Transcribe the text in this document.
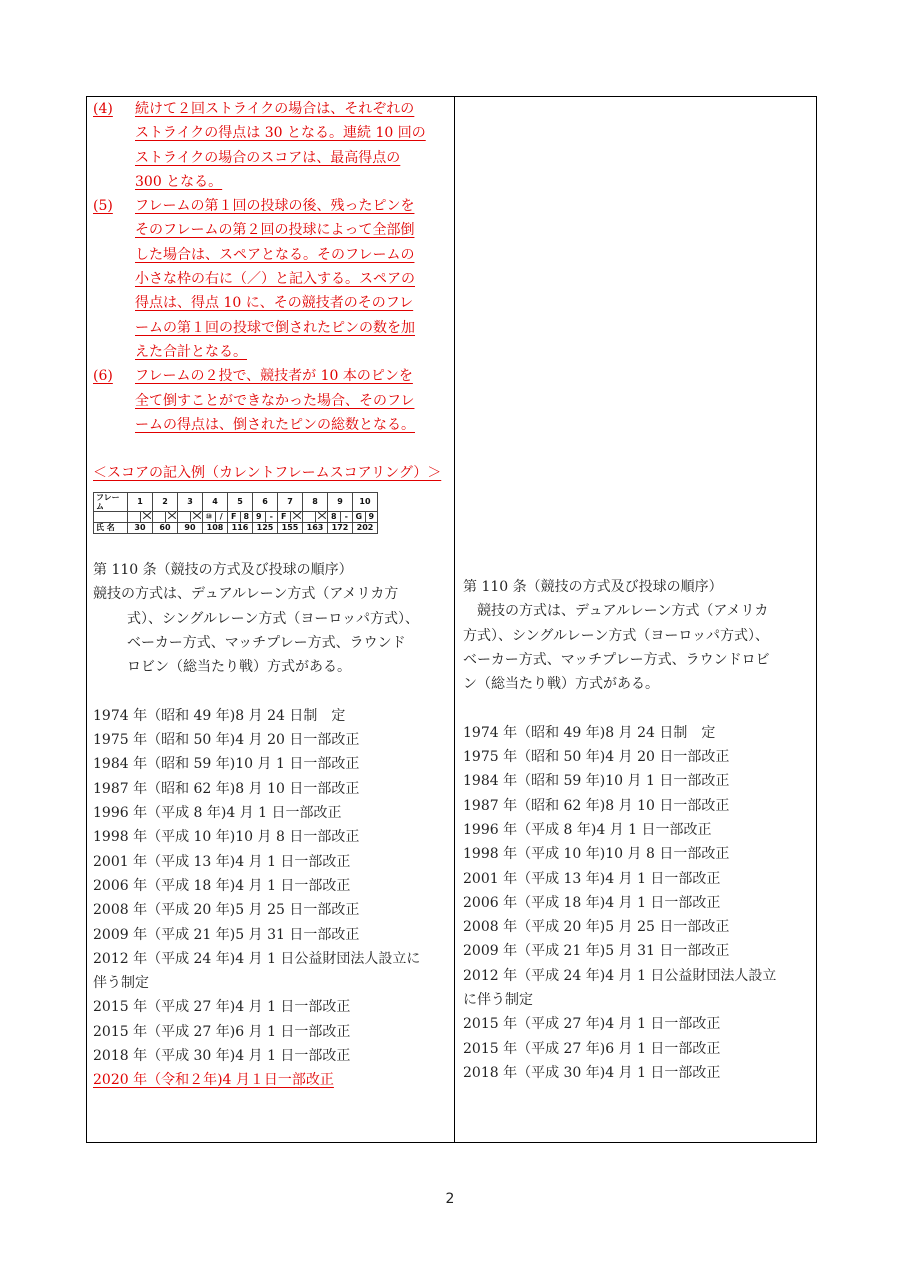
(4) 続けて２回ストライクの場合は、それぞれの
ストライクの得点は 30 となる。連続 10 回の
ストライクの場合のスコアは、最高得点の
300 となる。
(5) フレームの第１回の投球の後、残ったピンを
そのフレームの第２回の投球によって全部倒
した場合は、スペアとなる。そのフレームの
小さな枠の右に（／）と記入する。スペアの
得点は、得点 10 に、その競技者のそのフレ
ームの第１回の投球で倒されたピンの数を加
えた合計となる。
(6) フレームの２投で、競技者が 10 本のピンを
全て倒すことができなかった場合、そのフレ
ームの得点は、倒されたピンの総数となる。
＜スコアの記入例（カレントフレームスコアリング）＞
フレーム	1		2		3		4		5		6		7		8		9		10	
							⑩	/	F	8	9	-	F				8	-	G	9
氏 名	30		60		90		108		116		125		155		163		172		202	
第 110 条（競技の方式及び投球の順序）
競技の方式は、デュアルレーン方式（アメリカ方
式）、シングルレーン方式（ヨーロッパ方式）、
ベーカー方式、マッチプレー方式、ラウンド
ロビン（総当たり戦）方式がある。
1974 年（昭和 49 年)8 月 24 日制　定
1975 年（昭和 50 年)4 月 20 日一部改正
1984 年（昭和 59 年)10 月 1 日一部改正
1987 年（昭和 62 年)8 月 10 日一部改正
1996 年（平成 8 年)4 月 1 日一部改正
1998 年（平成 10 年)10 月 8 日一部改正
2001 年（平成 13 年)4 月 1 日一部改正
2006 年（平成 18 年)4 月 1 日一部改正
2008 年（平成 20 年)5 月 25 日一部改正
2009 年（平成 21 年)5 月 31 日一部改正
2012 年（平成 24 年)4 月 1 日公益財団法人設立に
伴う制定
2015 年（平成 27 年)4 月 1 日一部改正
2015 年（平成 27 年)6 月 1 日一部改正
2018 年（平成 30 年)4 月 1 日一部改正
2020 年（令和２年)4 月１日一部改正
第 110 条（競技の方式及び投球の順序）
競技の方式は、デュアルレーン方式（アメリカ
方式）、シングルレーン方式（ヨーロッパ方式）、
ベーカー方式、マッチプレー方式、ラウンドロビ
ン（総当たり戦）方式がある。
1974 年（昭和 49 年)8 月 24 日制　定
1975 年（昭和 50 年)4 月 20 日一部改正
1984 年（昭和 59 年)10 月 1 日一部改正
1987 年（昭和 62 年)8 月 10 日一部改正
1996 年（平成 8 年)4 月 1 日一部改正
1998 年（平成 10 年)10 月 8 日一部改正
2001 年（平成 13 年)4 月 1 日一部改正
2006 年（平成 18 年)4 月 1 日一部改正
2008 年（平成 20 年)5 月 25 日一部改正
2009 年（平成 21 年)5 月 31 日一部改正
2012 年（平成 24 年)4 月 1 日公益財団法人設立
に伴う制定
2015 年（平成 27 年)4 月 1 日一部改正
2015 年（平成 27 年)6 月 1 日一部改正
2018 年（平成 30 年)4 月 1 日一部改正
2
